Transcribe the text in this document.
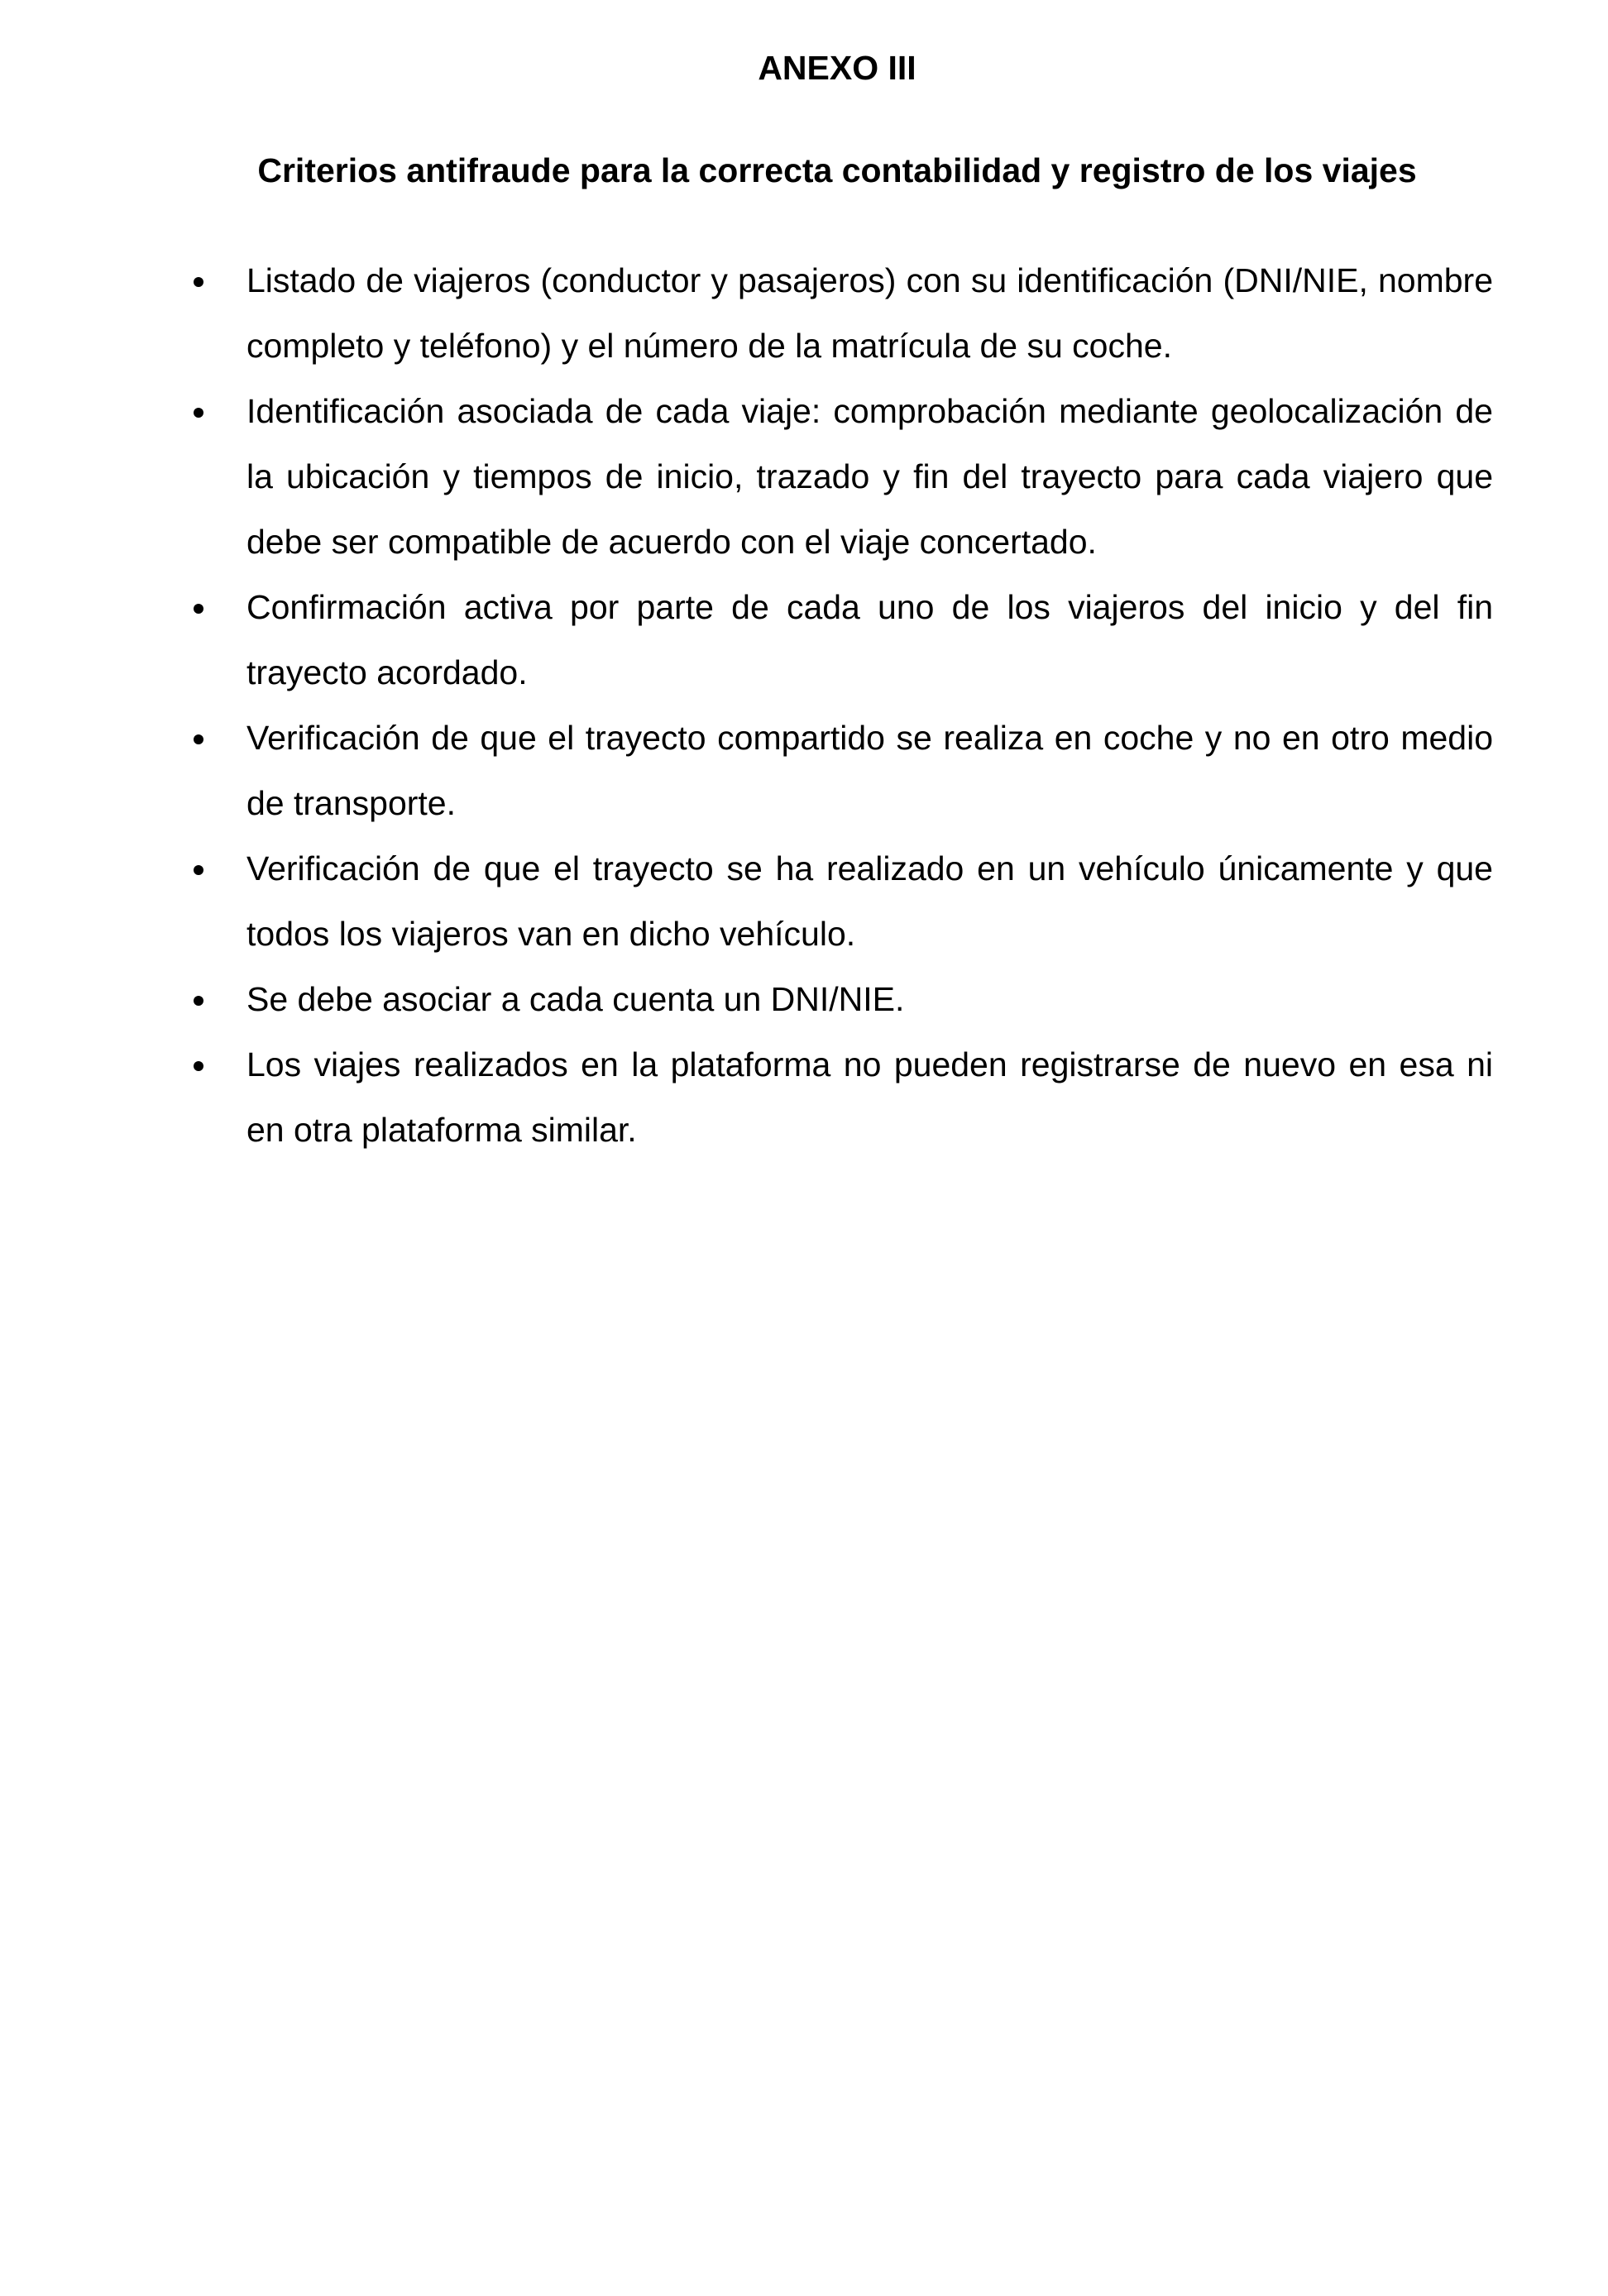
ANEXO III
Criterios antifraude para la correcta contabilidad y registro de los viajes
Listado de viajeros (conductor y pasajeros) con su identificación (DNI/NIE, nombre completo y teléfono) y el número de la matrícula de su coche.
Identificación asociada de cada viaje: comprobación mediante geolocalización de la ubicación y tiempos de inicio, trazado y fin del trayecto para cada viajero que debe ser compatible de acuerdo con el viaje concertado.
Confirmación activa por parte de cada uno de los viajeros del inicio y del fin trayecto acordado.
Verificación de que el trayecto compartido se realiza en coche y no en otro medio de transporte.
Verificación de que el trayecto se ha realizado en un vehículo únicamente y que todos los viajeros van en dicho vehículo.
Se debe asociar a cada cuenta un DNI/NIE.
Los viajes realizados en la plataforma no pueden registrarse de nuevo en esa ni en otra plataforma similar.
